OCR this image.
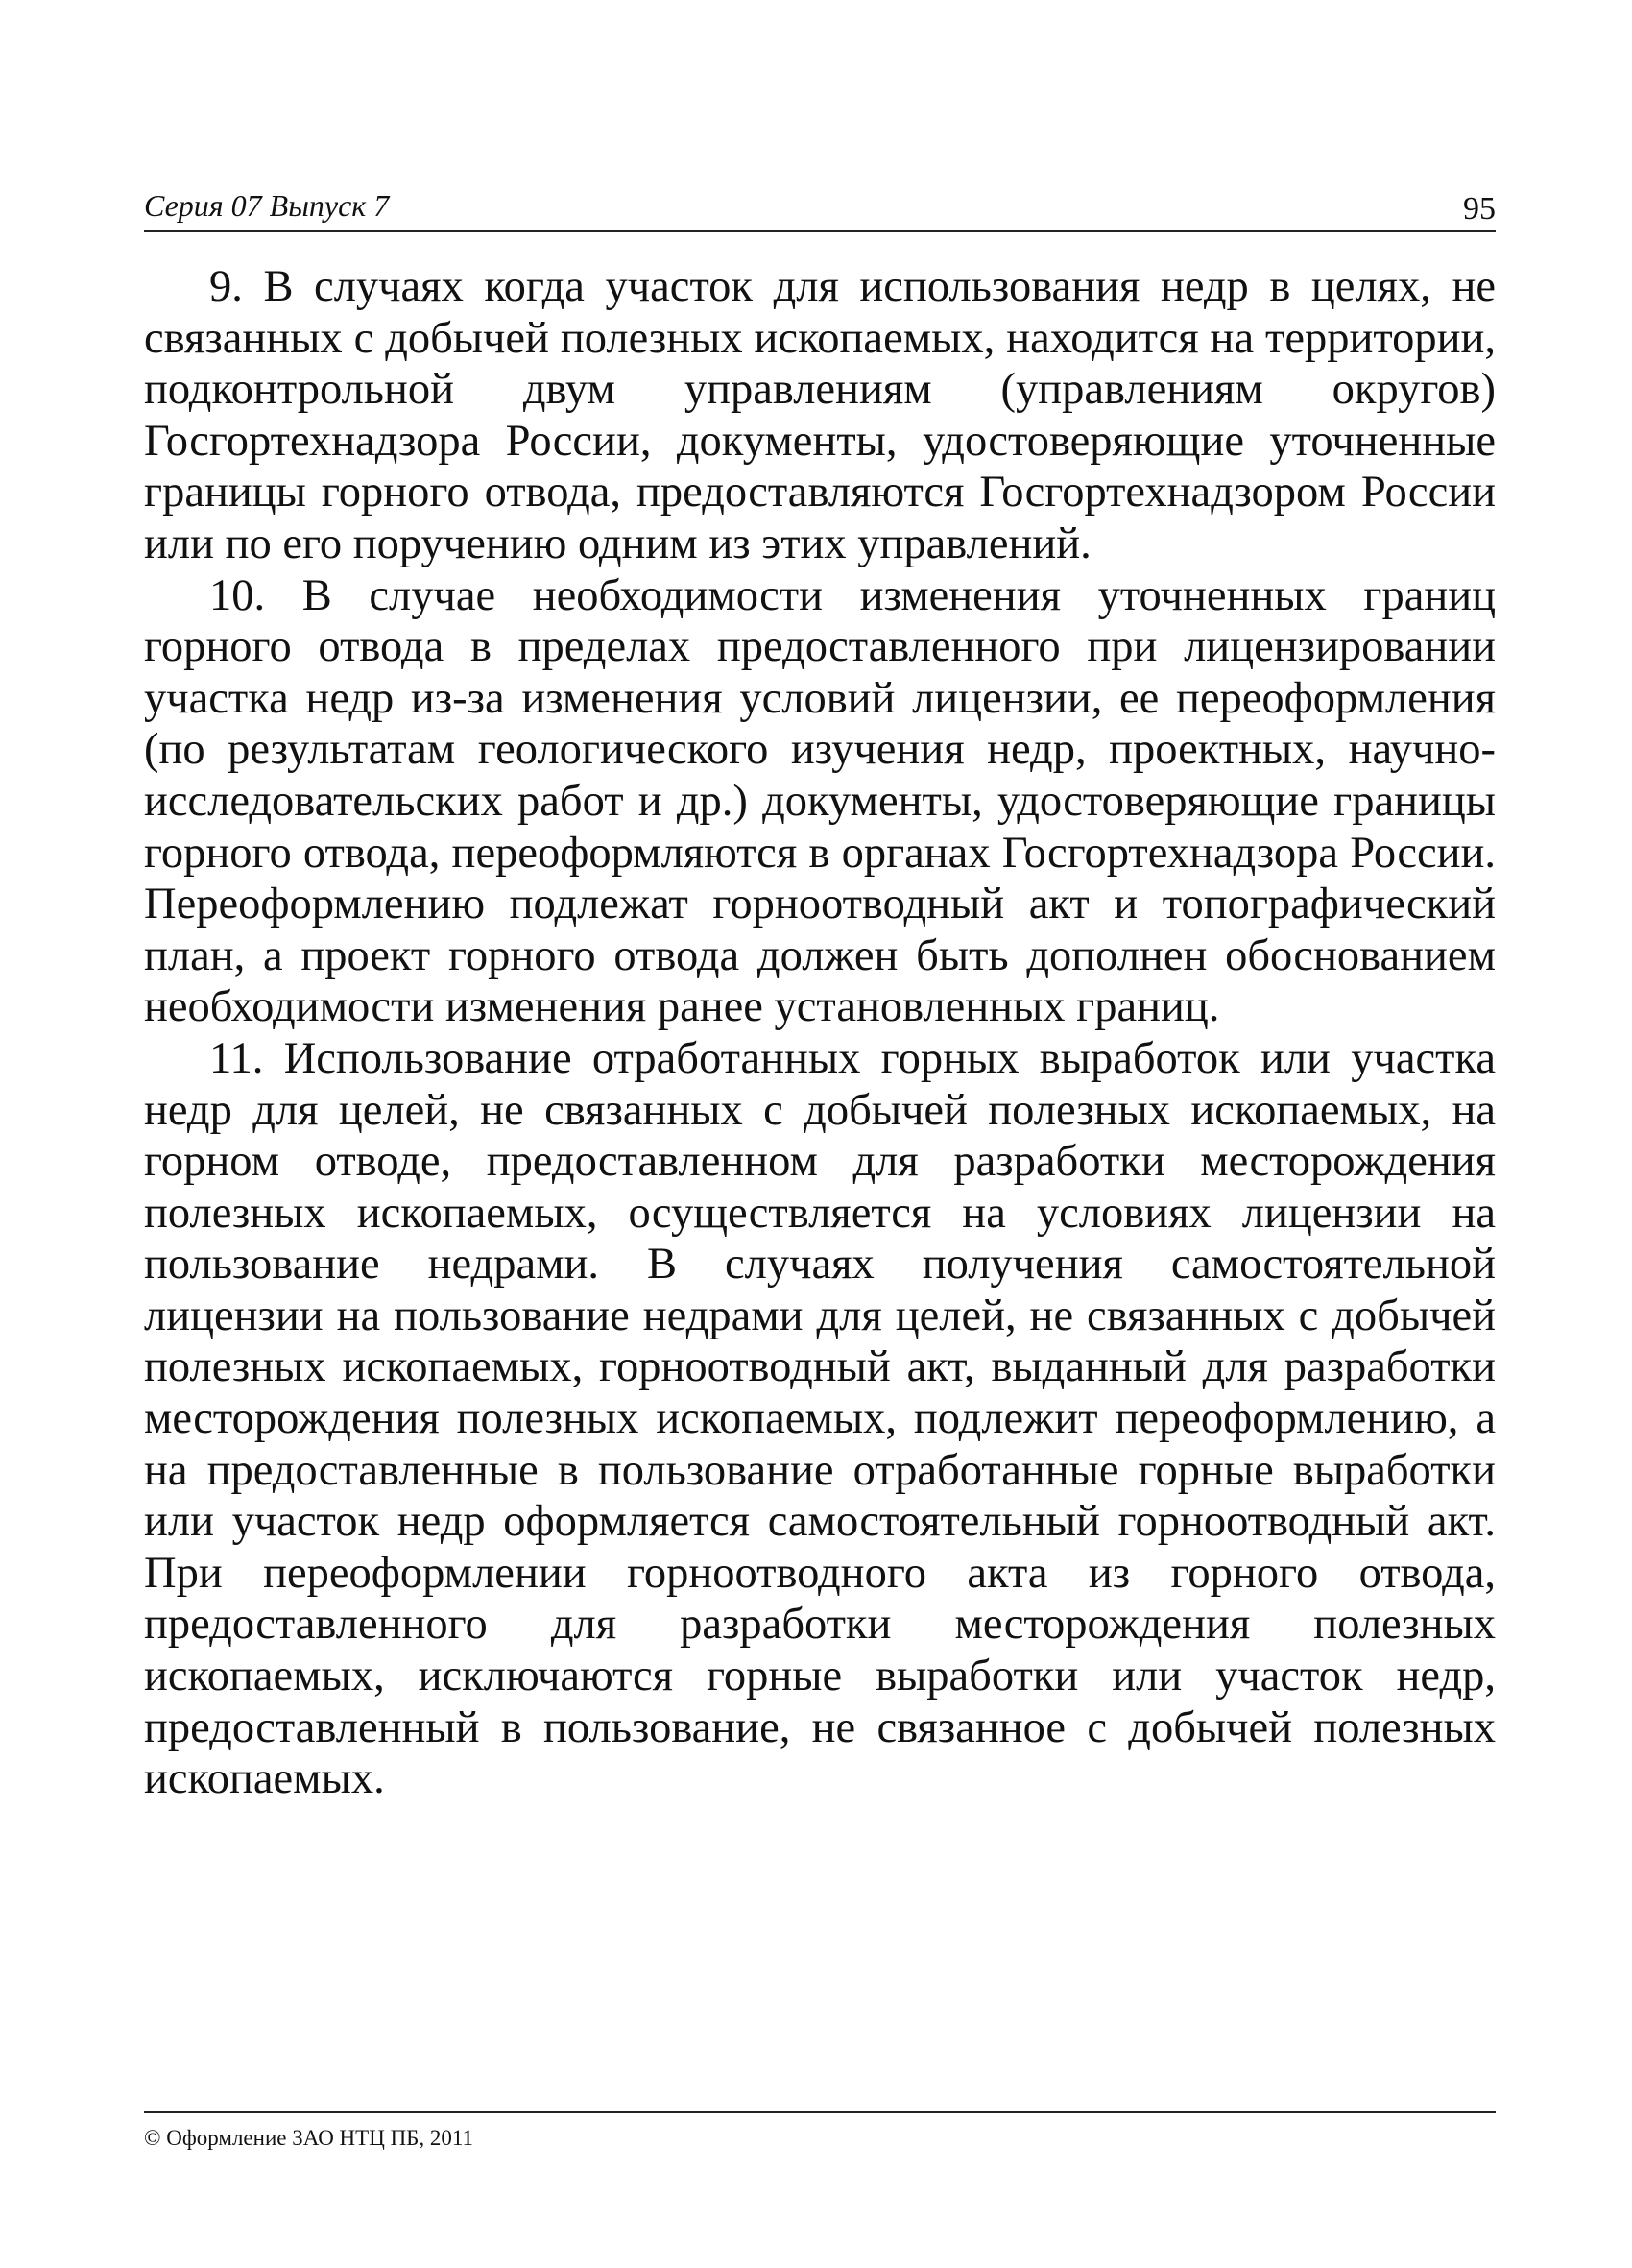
Серия 07 Выпуск 7	95

9. В случаях когда участок для использования недр в целях, не связанных с добычей полезных ископаемых, находится на территории, подконтрольной двум управлениям (управлениям округов) Госгортехнадзора России, документы, удостоверяющие уточненные границы горного отвода, предоставляются Госгортехнадзором России или по его поручению одним из этих управлений.

10. В случае необходимости изменения уточненных границ горного отвода в пределах предоставленного при лицензировании участка недр из-за изменения условий лицензии, ее переоформления (по результатам геологического изучения недр, проектных, научно-исследовательских работ и др.) документы, удостоверяющие границы горного отвода, переоформляются в органах Госгортехнадзора России. Переоформлению подлежат горноотводный акт и топографический план, а проект горного отвода должен быть дополнен обоснованием необходимости изменения ранее установленных границ.

11. Использование отработанных горных выработок или участка недр для целей, не связанных с добычей полезных ископаемых, на горном отводе, предоставленном для разработки месторождения полезных ископаемых, осуществляется на условиях лицензии на пользование недрами. В случаях получения самостоятельной лицензии на пользование недрами для целей, не связанных с добычей полезных ископаемых, горноотводный акт, выданный для разработки месторождения полезных ископаемых, подлежит переоформлению, а на предоставленные в пользование отработанные горные выработки или участок недр оформляется самостоятельный горноотводный акт. При переоформлении горноотводного акта из горного отвода, предоставленного для разработки месторождения полезных ископаемых, исключаются горные выработки или участок недр, предоставленный в пользование, не связанное с добычей полезных ископаемых.

© Оформление ЗАО НТЦ ПБ, 2011
